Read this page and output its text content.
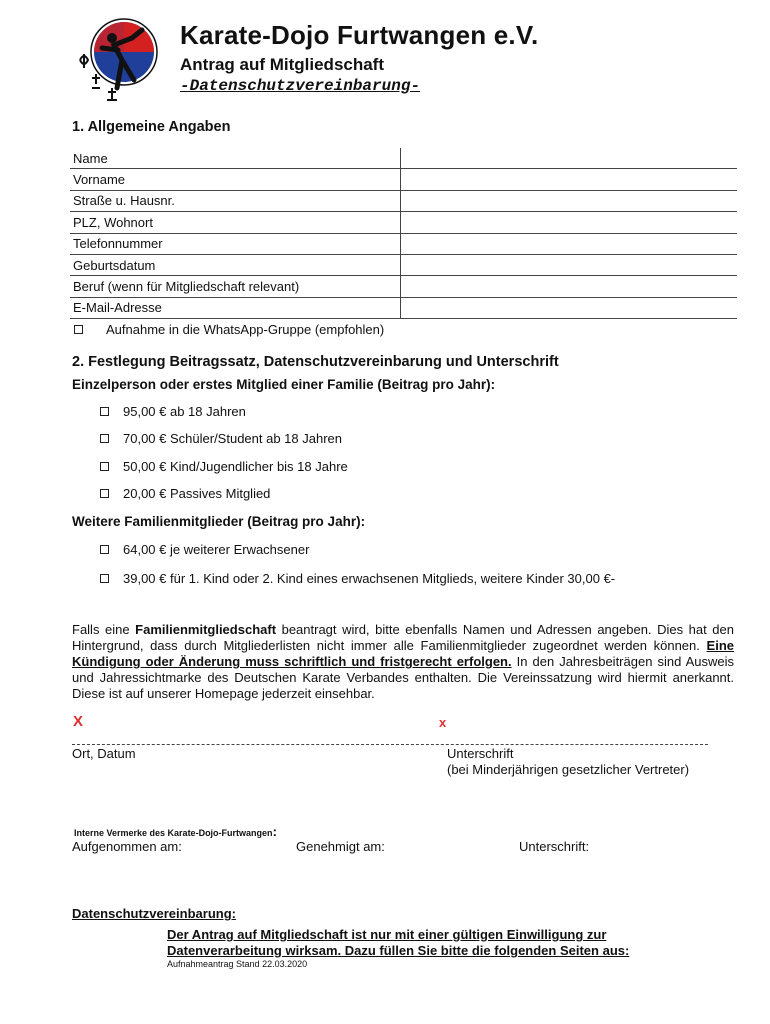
Karate-Dojo Furtwangen e.V.
Antrag auf Mitgliedschaft
-Datenschutzvereinbarung-
1. Allgemeine Angaben
Name	
Vorname	
Straße u. Hausnr.	
PLZ, Wohnort	
Telefonnummer	
Geburtsdatum	
Beruf (wenn für Mitgliedschaft relevant)	
E-Mail-Adresse	
Aufnahme in die WhatsApp-Gruppe (empfohlen)
2. Festlegung Beitragssatz, Datenschutzvereinbarung und Unterschrift
Einzelperson oder erstes Mitglied einer Familie (Beitrag pro Jahr):
95,00 € ab 18 Jahren
70,00 € Schüler/Student ab 18 Jahren
50,00 € Kind/Jugendlicher bis 18 Jahre
20,00 € Passives Mitglied
Weitere Familienmitglieder (Beitrag pro Jahr):
64,00 € je weiterer Erwachsener
39,00 € für 1. Kind oder 2. Kind eines erwachsenen Mitglieds, weitere Kinder 30,00 €-
Falls eine Familienmitgliedschaft beantragt wird, bitte ebenfalls Namen und Adressen angeben. Dies hat den Hintergrund, dass durch Mitgliederlisten nicht immer alle Familienmitglieder zugeordnet werden können. Eine Kündigung oder Änderung muss schriftlich und fristgerecht erfolgen. In den Jahresbeiträgen sind Ausweis und Jahressichtmarke des Deutschen Karate Verbandes enthalten. Die Vereinssatzung wird hiermit anerkannt. Diese ist auf unserer Homepage jederzeit einsehbar.
X	x
Ort, Datum	Unterschrift
(bei Minderjährigen gesetzlicher Vertreter)
Interne Vermerke des Karate-Dojo-Furtwangen:
Aufgenommen am:	Genehmigt am:	Unterschrift:
Datenschutzvereinbarung:
Der Antrag auf Mitgliedschaft ist nur mit einer gültigen Einwilligung zur
Datenverarbeitung wirksam. Dazu füllen Sie bitte die folgenden Seiten aus:
Aufnahmeantrag Stand 22.03.2020
